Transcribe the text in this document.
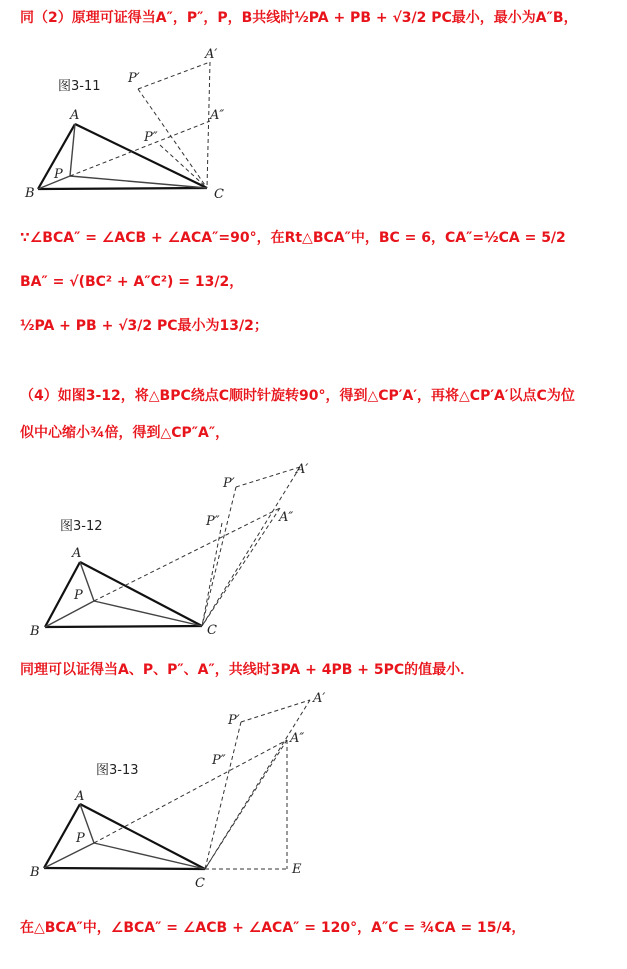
同（2）原理可证得当A″，P″，P，B共线时½PA + PB + √3/2 PC最小，最小为A″B，
图3-11
A
B	C
P
P′
A′
P″
A″
∵∠BCA″ = ∠ACB + ∠ACA″=90°，在Rt△BCA″中，BC = 6，CA″=½CA = 5/2
BA″ = √(BC² + A″C²) = 13/2，
½PA + PB + √3/2 PC最小为13/2；
（4）如图3-12，将△BPC绕点C顺时针旋转90°，得到△CP′A′，再将△CP′A′以点C为位
似中心缩小¾倍，得到△CP″A″，
图3-12
A
B	C
P
P′
A′
P″	A″
同理可以证得当A、P、P″、A″，共线时3PA + 4PB + 5PC的值最小．
图3-13
A
B
C
P
P′
A′
P″
A″
E
在△BCA″中，∠BCA″ = ∠ACB + ∠ACA″ = 120°，A″C = ¾CA = 15/4，
